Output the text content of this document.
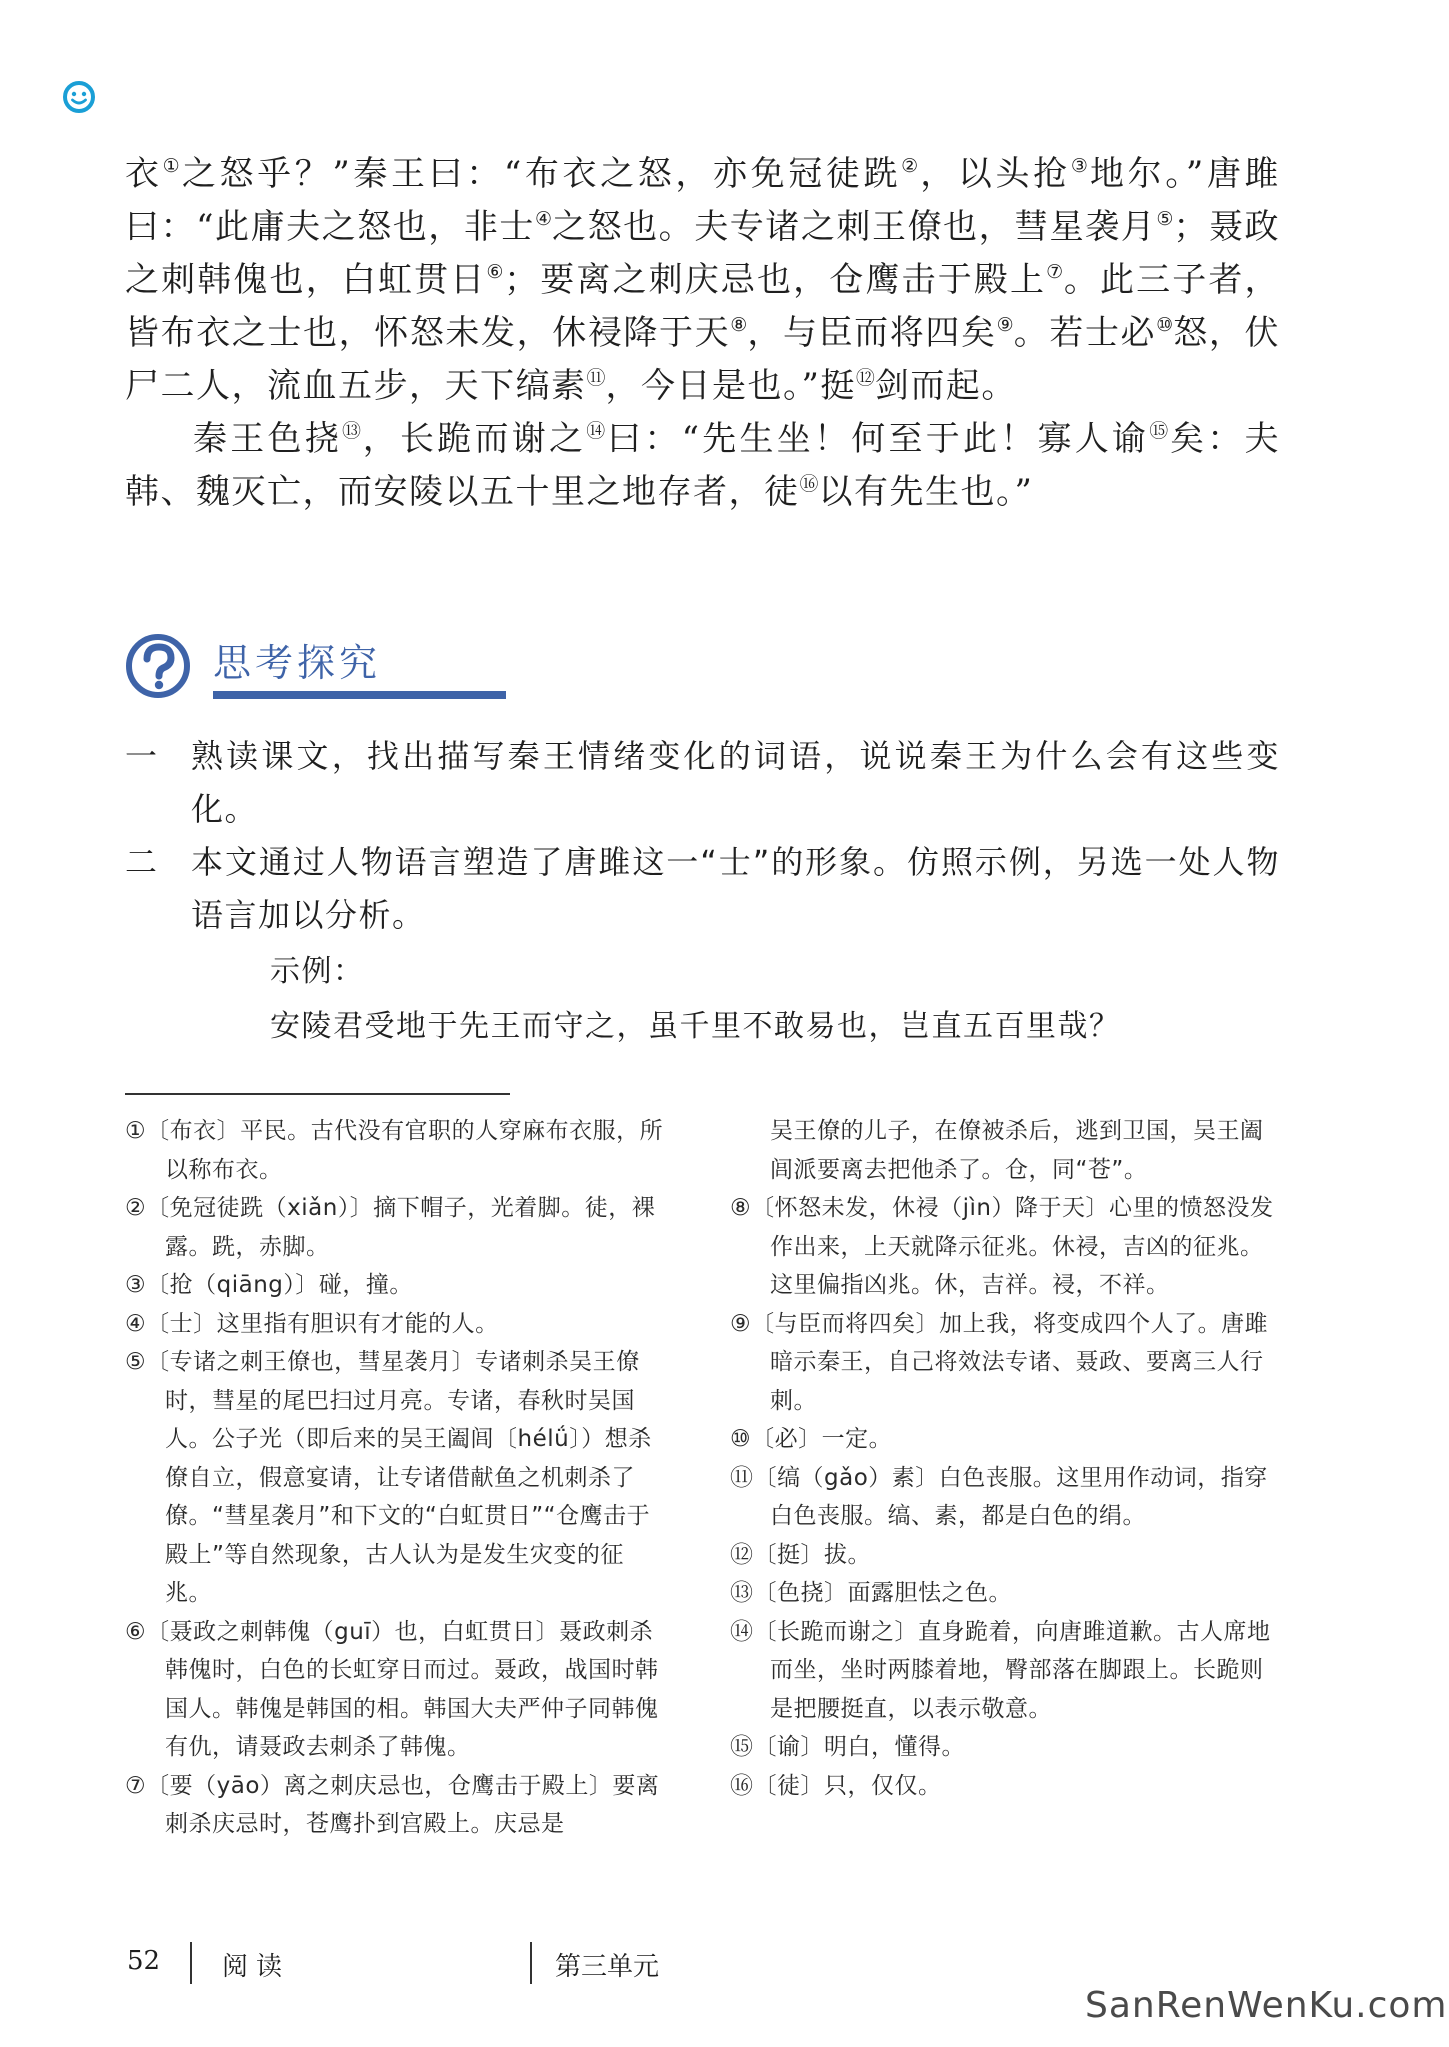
衣①之怒乎？”秦王曰：“布衣之怒，亦免冠徒跣②，以头抢③地尔。”唐雎曰：“此庸夫之怒也，非士④之怒也。夫专诸之刺王僚也，彗星袭月⑤；聂政之刺韩傀也，白虹贯日⑥；要离之刺庆忌也，仓鹰击于殿上⑦。此三子者，皆布衣之士也，怀怒未发，休祲降于天⑧，与臣而将四矣⑨。若士必⑩怒，伏尸二人，流血五步，天下缟素⑪，今日是也。”挺⑫剑而起。

秦王色挠⑬，长跪而谢之⑭曰：“先生坐！何至于此！寡人谕⑮矣：夫韩、魏灭亡，而安陵以五十里之地存者，徒⑯以有先生也。”

思考探究
一	熟读课文，找出描写秦王情绪变化的词语，说说秦王为什么会有这些变化。
二	本文通过人物语言塑造了唐雎这一“士”的形象。仿照示例，另选一处人物语言加以分析。
示例：
安陵君受地于先王而守之，虽千里不敢易也，岂直五百里哉？

①〔布衣〕平民。古代没有官职的人穿麻布衣服，所以称布衣。

②〔免冠徒跣（xiǎn）〕摘下帽子，光着脚。徒，裸露。跣，赤脚。

③〔抢（qiāng）〕碰，撞。

④〔士〕这里指有胆识有才能的人。

⑤〔专诸之刺王僚也，彗星袭月〕专诸刺杀吴王僚时，彗星的尾巴扫过月亮。专诸，春秋时吴国人。公子光（即后来的吴王阖闾〔hélǘ〕）想杀僚自立，假意宴请，让专诸借献鱼之机刺杀了僚。“彗星袭月”和下文的“白虹贯日”“仓鹰击于殿上”等自然现象，古人认为是发生灾变的征兆。

⑥〔聂政之刺韩傀（guī）也，白虹贯日〕聂政刺杀韩傀时，白色的长虹穿日而过。聂政，战国时韩国人。韩傀是韩国的相。韩国大夫严仲子同韩傀有仇，请聂政去刺杀了韩傀。

⑦〔要（yāo）离之刺庆忌也，仓鹰击于殿上〕要离刺杀庆忌时，苍鹰扑到宫殿上。庆忌是

吴王僚的儿子，在僚被杀后，逃到卫国，吴王阖闾派要离去把他杀了。仓，同“苍”。

⑧〔怀怒未发，休祲（jìn）降于天〕心里的愤怒没发作出来，上天就降示征兆。休祲，吉凶的征兆。这里偏指凶兆。休，吉祥。祲，不祥。

⑨〔与臣而将四矣〕加上我，将变成四个人了。唐雎暗示秦王，自己将效法专诸、聂政、要离三人行刺。

⑩〔必〕一定。

⑪〔缟（gǎo）素〕白色丧服。这里用作动词，指穿白色丧服。缟、素，都是白色的绢。

⑫〔挺〕拔。

⑬〔色挠〕面露胆怯之色。

⑭〔长跪而谢之〕直身跪着，向唐雎道歉。古人席地而坐，坐时两膝着地，臀部落在脚跟上。长跪则是把腰挺直，以表示敬意。

⑮〔谕〕明白，懂得。

⑯〔徒〕只，仅仅。

52 阅读	第三单元
SanRenWenKu.com
